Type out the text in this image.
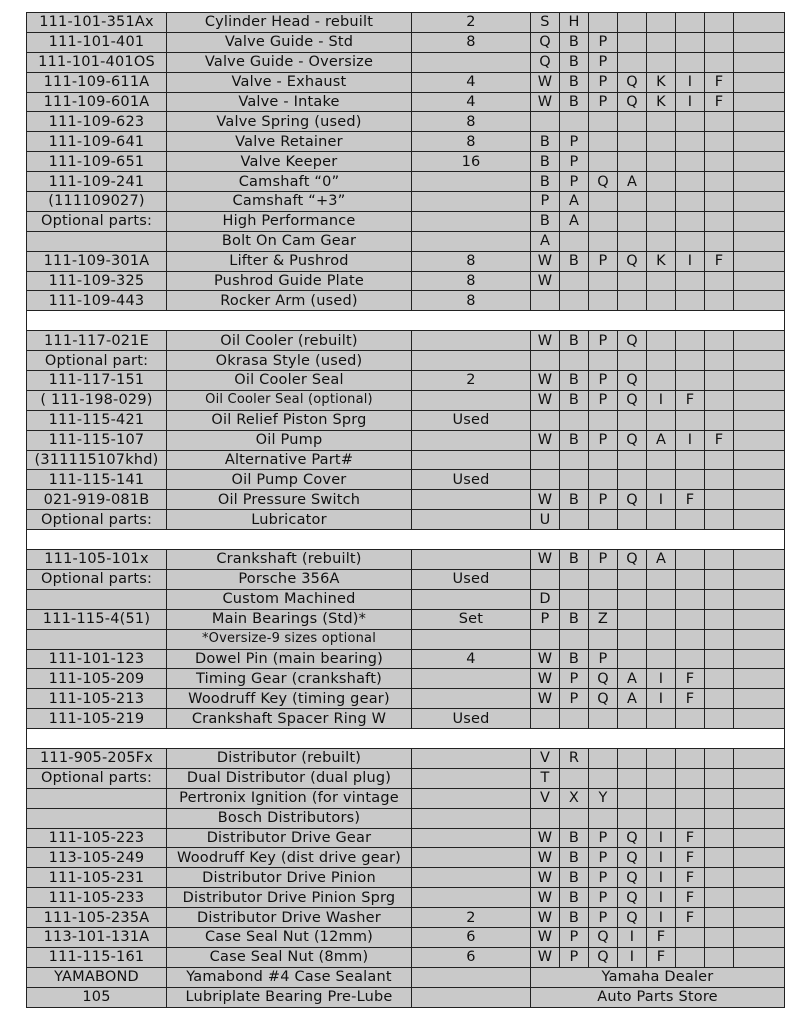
111-101-351Ax	Cylinder Head - rebuilt	2	S	H						
111-101-401	Valve Guide - Std	8	Q	B	P					
111-101-401OS	Valve Guide - Oversize		Q	B	P					
111-109-611A	Valve - Exhaust	4	W	B	P	Q	K	I	F	
111-109-601A	Valve - Intake	4	W	B	P	Q	K	I	F	
111-109-623	Valve Spring (used)	8								
111-109-641	Valve Retainer	8	B	P						
111-109-651	Valve Keeper	16	B	P						
111-109-241	Camshaft “0”		B	P	Q	A				
(111109027)	Camshaft “+3”		P	A						
Optional parts:	High Performance		B	A						
	Bolt On Cam Gear		A							
111-109-301A	Lifter & Pushrod	8	W	B	P	Q	K	I	F	
111-109-325	Pushrod Guide Plate	8	W							
111-109-443	Rocker Arm (used)	8								

111-117-021E	Oil Cooler (rebuilt)		W	B	P	Q				
Optional part:	Okrasa Style (used)									
111-117-151	Oil Cooler Seal	2	W	B	P	Q				
( 111-198-029)	Oil Cooler Seal (optional)		W	B	P	Q	I	F		
111-115-421	Oil Relief Piston Sprg	Used								
111-115-107	Oil Pump		W	B	P	Q	A	I	F	
(311115107khd)	Alternative Part#									
111-115-141	Oil Pump Cover	Used								
021-919-081B	Oil Pressure Switch		W	B	P	Q	I	F		
Optional parts:	Lubricator		U							

111-105-101x	Crankshaft (rebuilt)		W	B	P	Q	A			
Optional parts:	Porsche 356A	Used								
	Custom Machined		D							
111-115-4(51)	Main Bearings (Std)*	Set	P	B	Z					
	*Oversize-9 sizes optional									
111-101-123	Dowel Pin (main bearing)	4	W	B	P					
111-105-209	Timing Gear (crankshaft)		W	P	Q	A	I	F		
111-105-213	Woodruff Key (timing gear)		W	P	Q	A	I	F		
111-105-219	Crankshaft Spacer Ring W	Used								

111-905-205Fx	Distributor (rebuilt)		V	R						
Optional parts:	Dual Distributor (dual plug)		T							
	Pertronix Ignition (for vintage		V	X	Y					
	Bosch Distributors)									
111-105-223	Distributor Drive Gear		W	B	P	Q	I	F		
113-105-249	Woodruff Key (dist drive gear)		W	B	P	Q	I	F		
111-105-231	Distributor Drive Pinion		W	B	P	Q	I	F		
111-105-233	Distributor Drive Pinion Sprg		W	B	P	Q	I	F		
111-105-235A	Distributor Drive Washer	2	W	B	P	Q	I	F		
113-101-131A	Case Seal Nut (12mm)	6	W	P	Q	I	F			
111-115-161	Case Seal Nut (8mm)	6	W	P	Q	I	F			
YAMABOND	Yamabond #4 Case Sealant		Yamaha Dealer							
105	Lubriplate Bearing Pre-Lube		Auto Parts Store							
